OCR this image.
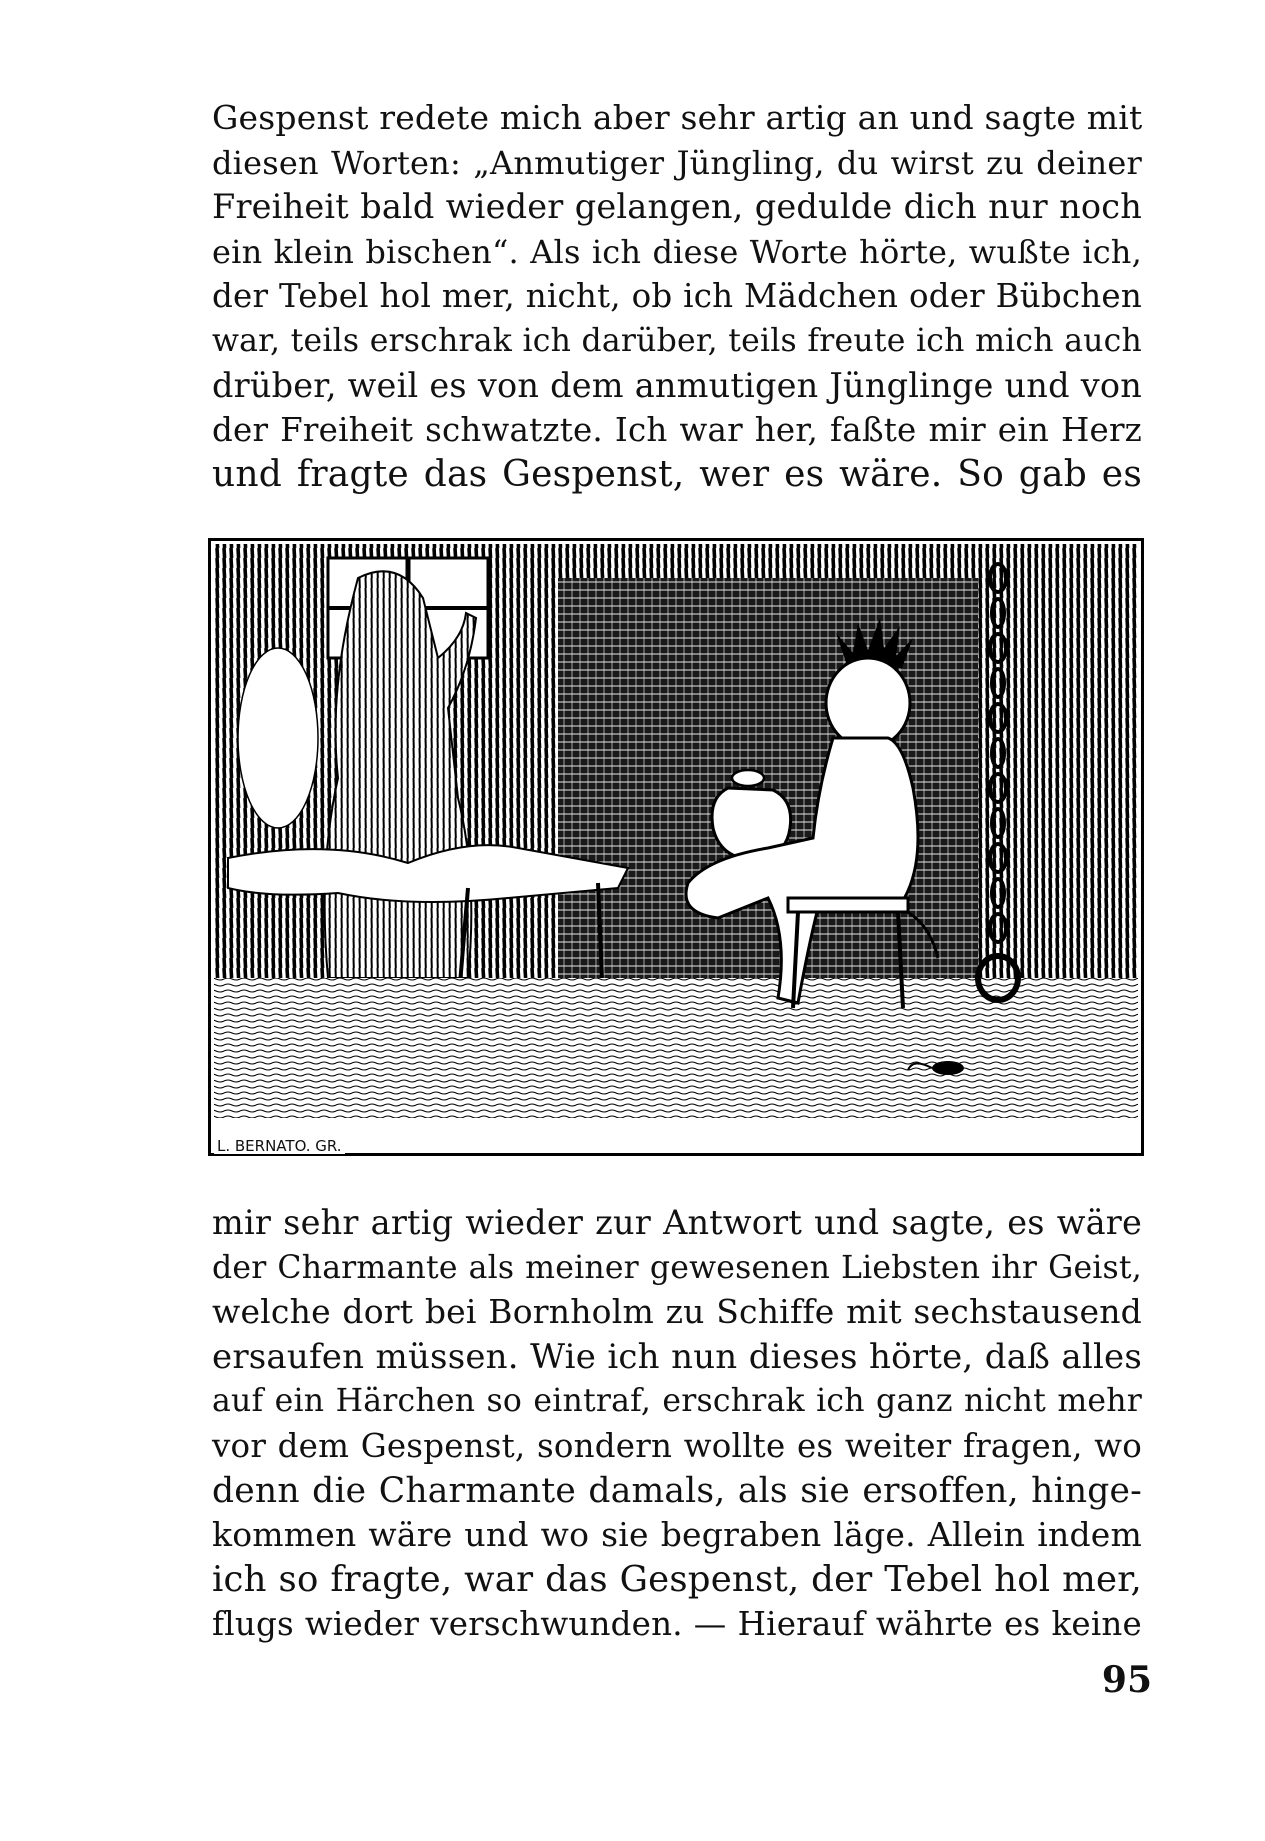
Gespenst redete mich aber sehr artig an und sagte mit
diesen Worten: „Anmutiger Jüngling, du wirst zu deiner
Freiheit bald wieder gelangen, gedulde dich nur noch
ein klein bischen“. Als ich diese Worte hörte, wußte ich,
der Tebel hol mer, nicht, ob ich Mädchen oder Bübchen
war, teils erschrak ich darüber, teils freute ich mich auch
drüber, weil es von dem anmutigen Jünglinge und von
der Freiheit schwatzte. Ich war her, faßte mir ein Herz
und fragte das Gespenst, wer es wäre. So gab es
L. BERNATO. GR.
mir sehr artig wieder zur Antwort und sagte, es wäre
der Charmante als meiner gewesenen Liebsten ihr Geist,
welche dort bei Bornholm zu Schiffe mit sechstausend
ersaufen müssen. Wie ich nun dieses hörte, daß alles
auf ein Härchen so eintraf, erschrak ich ganz nicht mehr
vor dem Gespenst, sondern wollte es weiter fragen, wo
denn die Charmante damals, als sie ersoffen, hinge-
kommen wäre und wo sie begraben läge. Allein indem
ich so fragte, war das Gespenst, der Tebel hol mer,
flugs wieder verschwunden. — Hierauf währte es keine
95
